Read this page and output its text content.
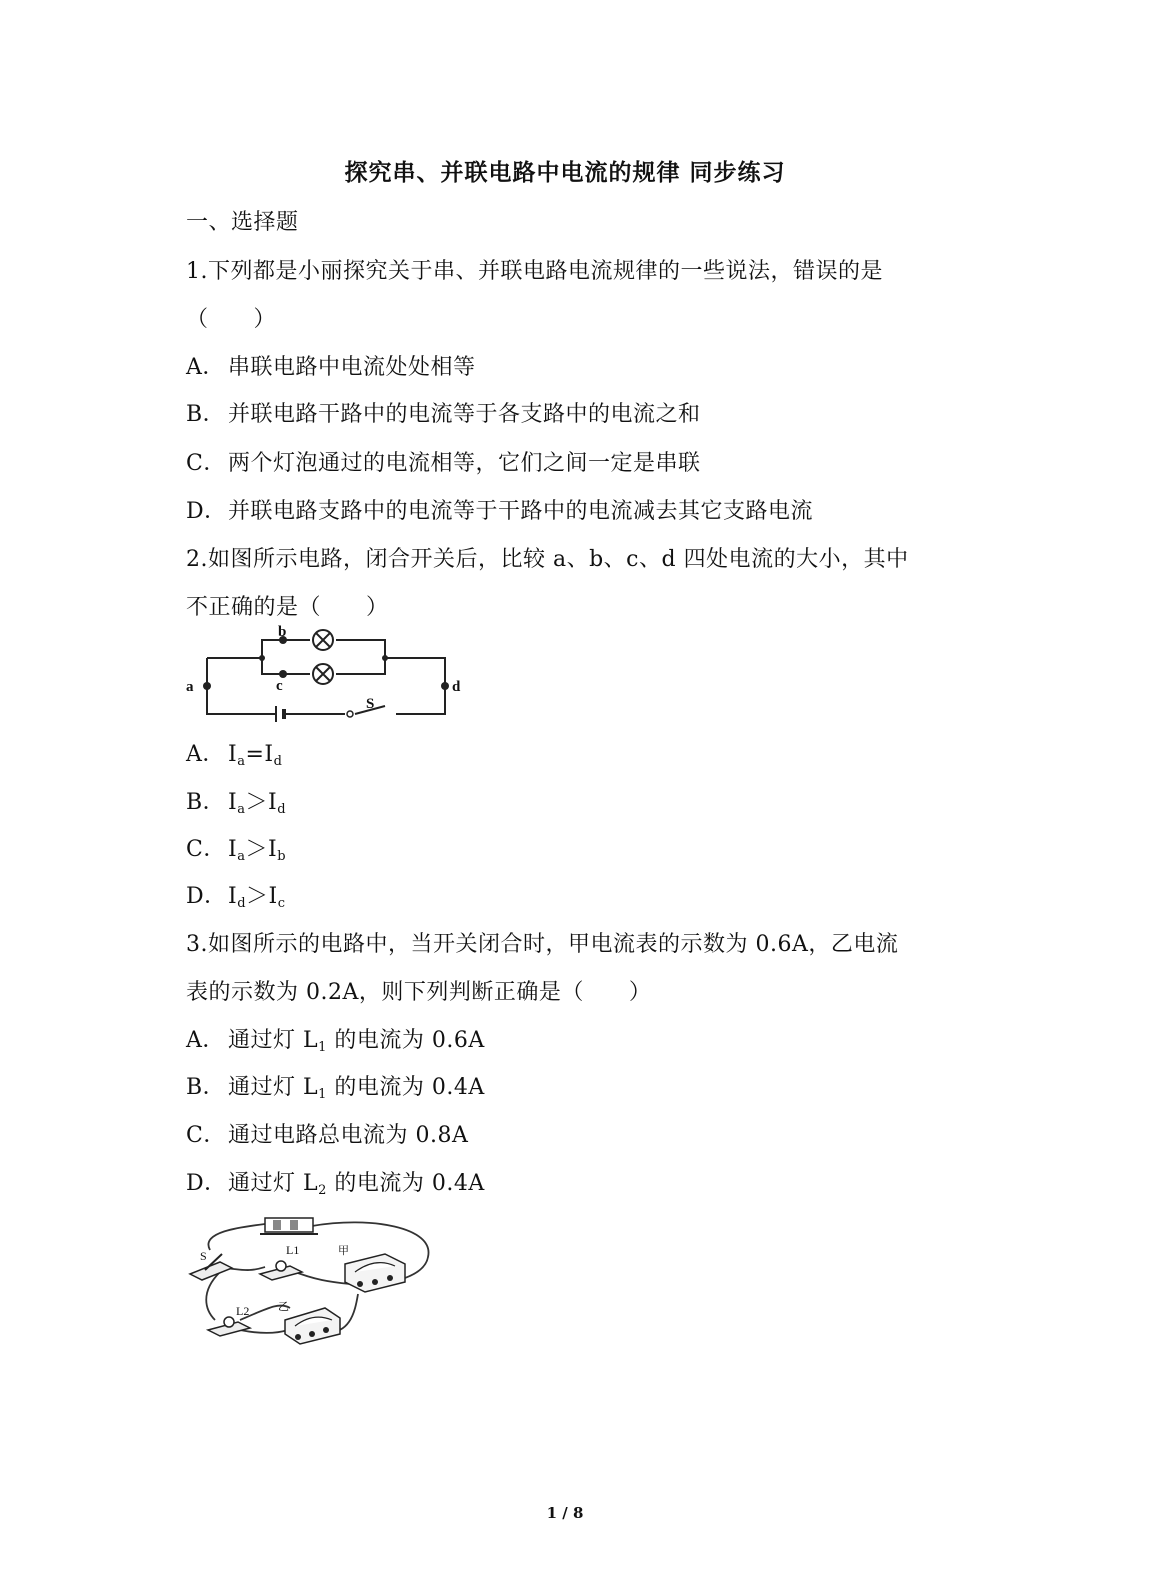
探究串、并联电路中电流的规律 同步练习
一、选择题
1.下列都是小丽探究关于串、并联电路电流规律的一些说法，错误的是
（　　）
A． 串联电路中电流处处相等
B． 并联电路干路中的电流等于各支路中的电流之和
C．两个灯泡通过的电流相等，它们之间一定是串联
D．并联电路支路中的电流等于干路中的电流减去其它支路电流
2.如图所示电路，闭合开关后，比较 a、b、c、d 四处电流的大小，其中
不正确的是（　　）
a
b
c	d
S
A． $I_a=I_d$
B． $I_a>I_d$
C．$I_a>I_b$
D．$I_d>I_c$
3.如图所示的电路中，当开关闭合时，甲电流表的示数为 0.6A，乙电流
表的示数为 0.2A，则下列判断正确是（　　）
A． 通过灯 $L_1$ 的电流为 0.6A
B． 通过灯 $L_1$ 的电流为 0.4A
C．通过电路总电流为 0.8A
D．通过灯 $L_2$ 的电流为 0.4A
S	L1
L2
甲
乙
1 / 8
